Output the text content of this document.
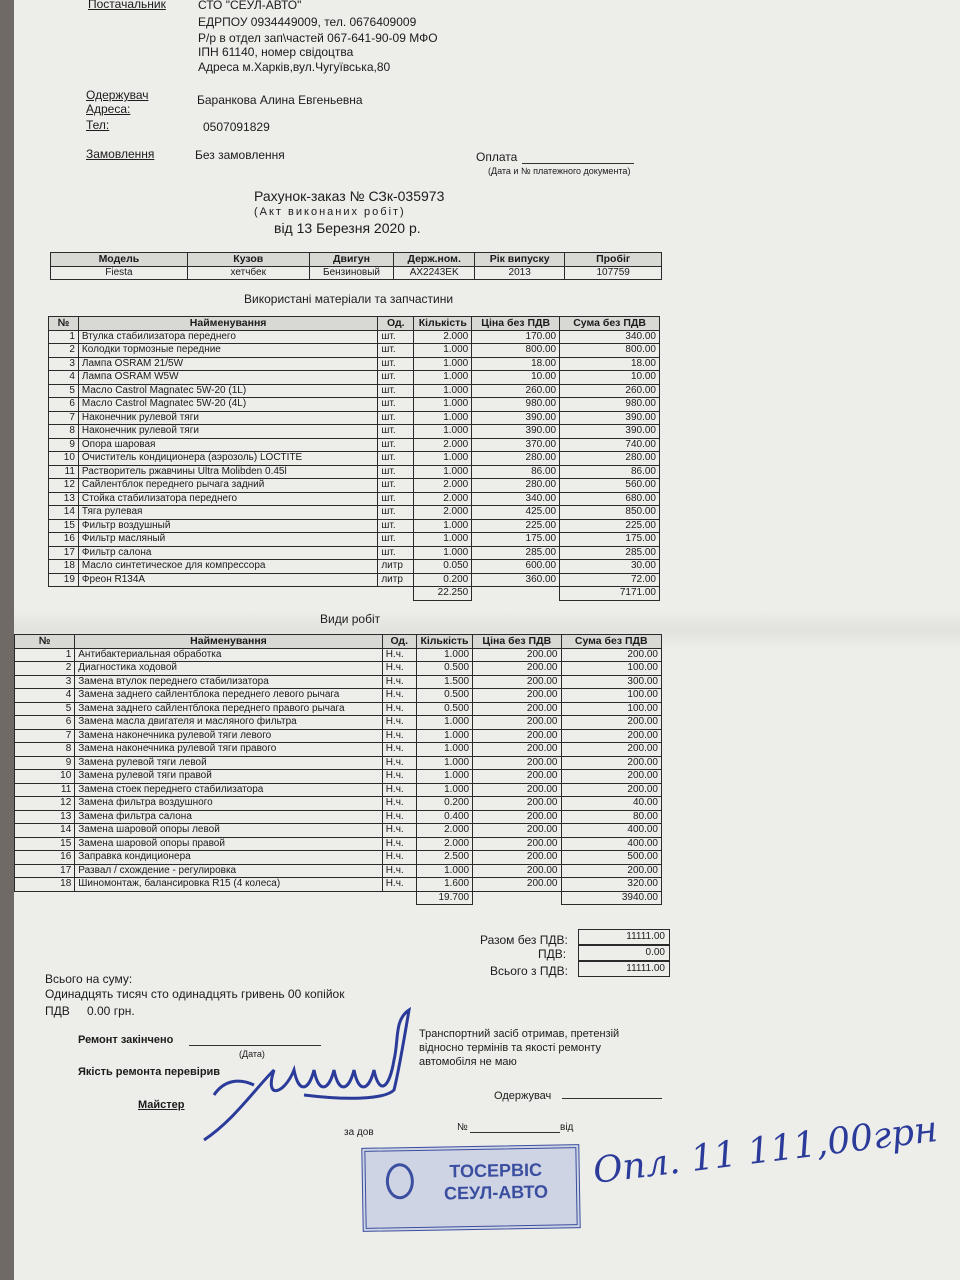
Постачальник	СТО "СЕУЛ-АВТО"
ЕДРПОУ 0934449009, тел. 0676409009
Р/р в отдел зап\частей 067-641-90-09 МФО
ІПН 61140, номер свідоцтва
Адреса м.Харків,вул.Чугуївська,80
Одержувач	Баранкова Алина Евгеньевна
Адреса:
Тел:	0507091829
Замовлення	Без замовлення	Оплата
(Дата и № платежного документа)
Рахунок-заказ № СЗк-035973
(Акт виконаних робіт)
від 13 Березня 2020 р.
Модель	Кузов	Двигун	Держ.ном.	Рік випуску	Пробіг
Fiesta	хетчбек	Бензиновый	AX2243EK	2013	107759
Використані матеріали та запчастини
№	Найменування	Од.	Кількість	Ціна без ПДВ	Сума без ПДВ
1	Втулка стабилизатора переднего	шт.	2.000	170.00	340.00
2	Колодки тормозные передние	шт.	1.000	800.00	800.00
3	Лампа OSRAM 21/5W	шт.	1.000	18.00	18.00
4	Лампа OSRAM W5W	шт.	1.000	10.00	10.00
5	Масло Castrol Magnatec 5W-20 (1L)	шт.	1.000	260.00	260.00
6	Масло Castrol Magnatec 5W-20 (4L)	шт.	1.000	980.00	980.00
7	Наконечник рулевой тяги	шт.	1.000	390.00	390.00
8	Наконечник рулевой тяги	шт.	1.000	390.00	390.00
9	Опора шаровая	шт.	2.000	370.00	740.00
10	Очиститель кондиционера (аэрозоль) LOCTITE	шт.	1.000	280.00	280.00
11	Растворитель ржавчины Ultra Molibden 0.45l	шт.	1.000	86.00	86.00
12	Сайлентблок переднего рычага задний	шт.	2.000	280.00	560.00
13	Стойка стабилизатора переднего	шт.	2.000	340.00	680.00
14	Тяга рулевая	шт.	2.000	425.00	850.00
15	Фильтр воздушный	шт.	1.000	225.00	225.00
16	Фильтр масляный	шт.	1.000	175.00	175.00
17	Фильтр салона	шт.	1.000	285.00	285.00
18	Масло синтетическое для компрессора	литр	0.050	600.00	30.00
19	Фреон R134A	литр	0.200	360.00	72.00
			22.250		7171.00
Види робіт
№	Найменування	Од.	Кількість	Ціна без ПДВ	Сума без ПДВ
1	Антибактериальная обработка	Н.ч.	1.000	200.00	200.00
2	Диагностика ходовой	Н.ч.	0.500	200.00	100.00
3	Замена втулок переднего стабилизатора	Н.ч.	1.500	200.00	300.00
4	Замена заднего сайлентблока переднего левого рычага	Н.ч.	0.500	200.00	100.00
5	Замена заднего сайлентблока переднего правого рычага	Н.ч.	0.500	200.00	100.00
6	Замена масла двигателя и масляного фильтра	Н.ч.	1.000	200.00	200.00
7	Замена наконечника рулевой тяги левого	Н.ч.	1.000	200.00	200.00
8	Замена наконечника рулевой тяги правого	Н.ч.	1.000	200.00	200.00
9	Замена рулевой тяги левой	Н.ч.	1.000	200.00	200.00
10	Замена рулевой тяги правой	Н.ч.	1.000	200.00	200.00
11	Замена стоек переднего стабилизатора	Н.ч.	1.000	200.00	200.00
12	Замена фильтра воздушного	Н.ч.	0.200	200.00	40.00
13	Замена фильтра салона	Н.ч.	0.400	200.00	80.00
14	Замена шаровой опоры левой	Н.ч.	2.000	200.00	400.00
15	Замена шаровой опоры правой	Н.ч.	2.000	200.00	400.00
16	Заправка кондиционера	Н.ч.	2.500	200.00	500.00
17	Развал / схождение - регулировка	Н.ч.	1.000	200.00	200.00
18	Шиномонтаж, балансировка R15 (4 колеса)	Н.ч.	1.600	200.00	320.00
			19.700		3940.00
Разом без ПДВ:	11111.00
ПДВ:	0.00
Всього з ПДВ:	11111.00
Всього на суму:
Одинадцять тисяч сто одинадцять гривень 00 копійок
ПДВ 0.00 грн.
Ремонт закінчено
(Дата)
Якість ремонта перевірив
Майстер
Транспортний засіб отримав, претензій відносно термінів та якості ремонту автомобіля не маю
Одержувач
за дов	№	від
ТОСЕРВІС СЕУЛ-АВТО
Опл. 11 111,00грн
